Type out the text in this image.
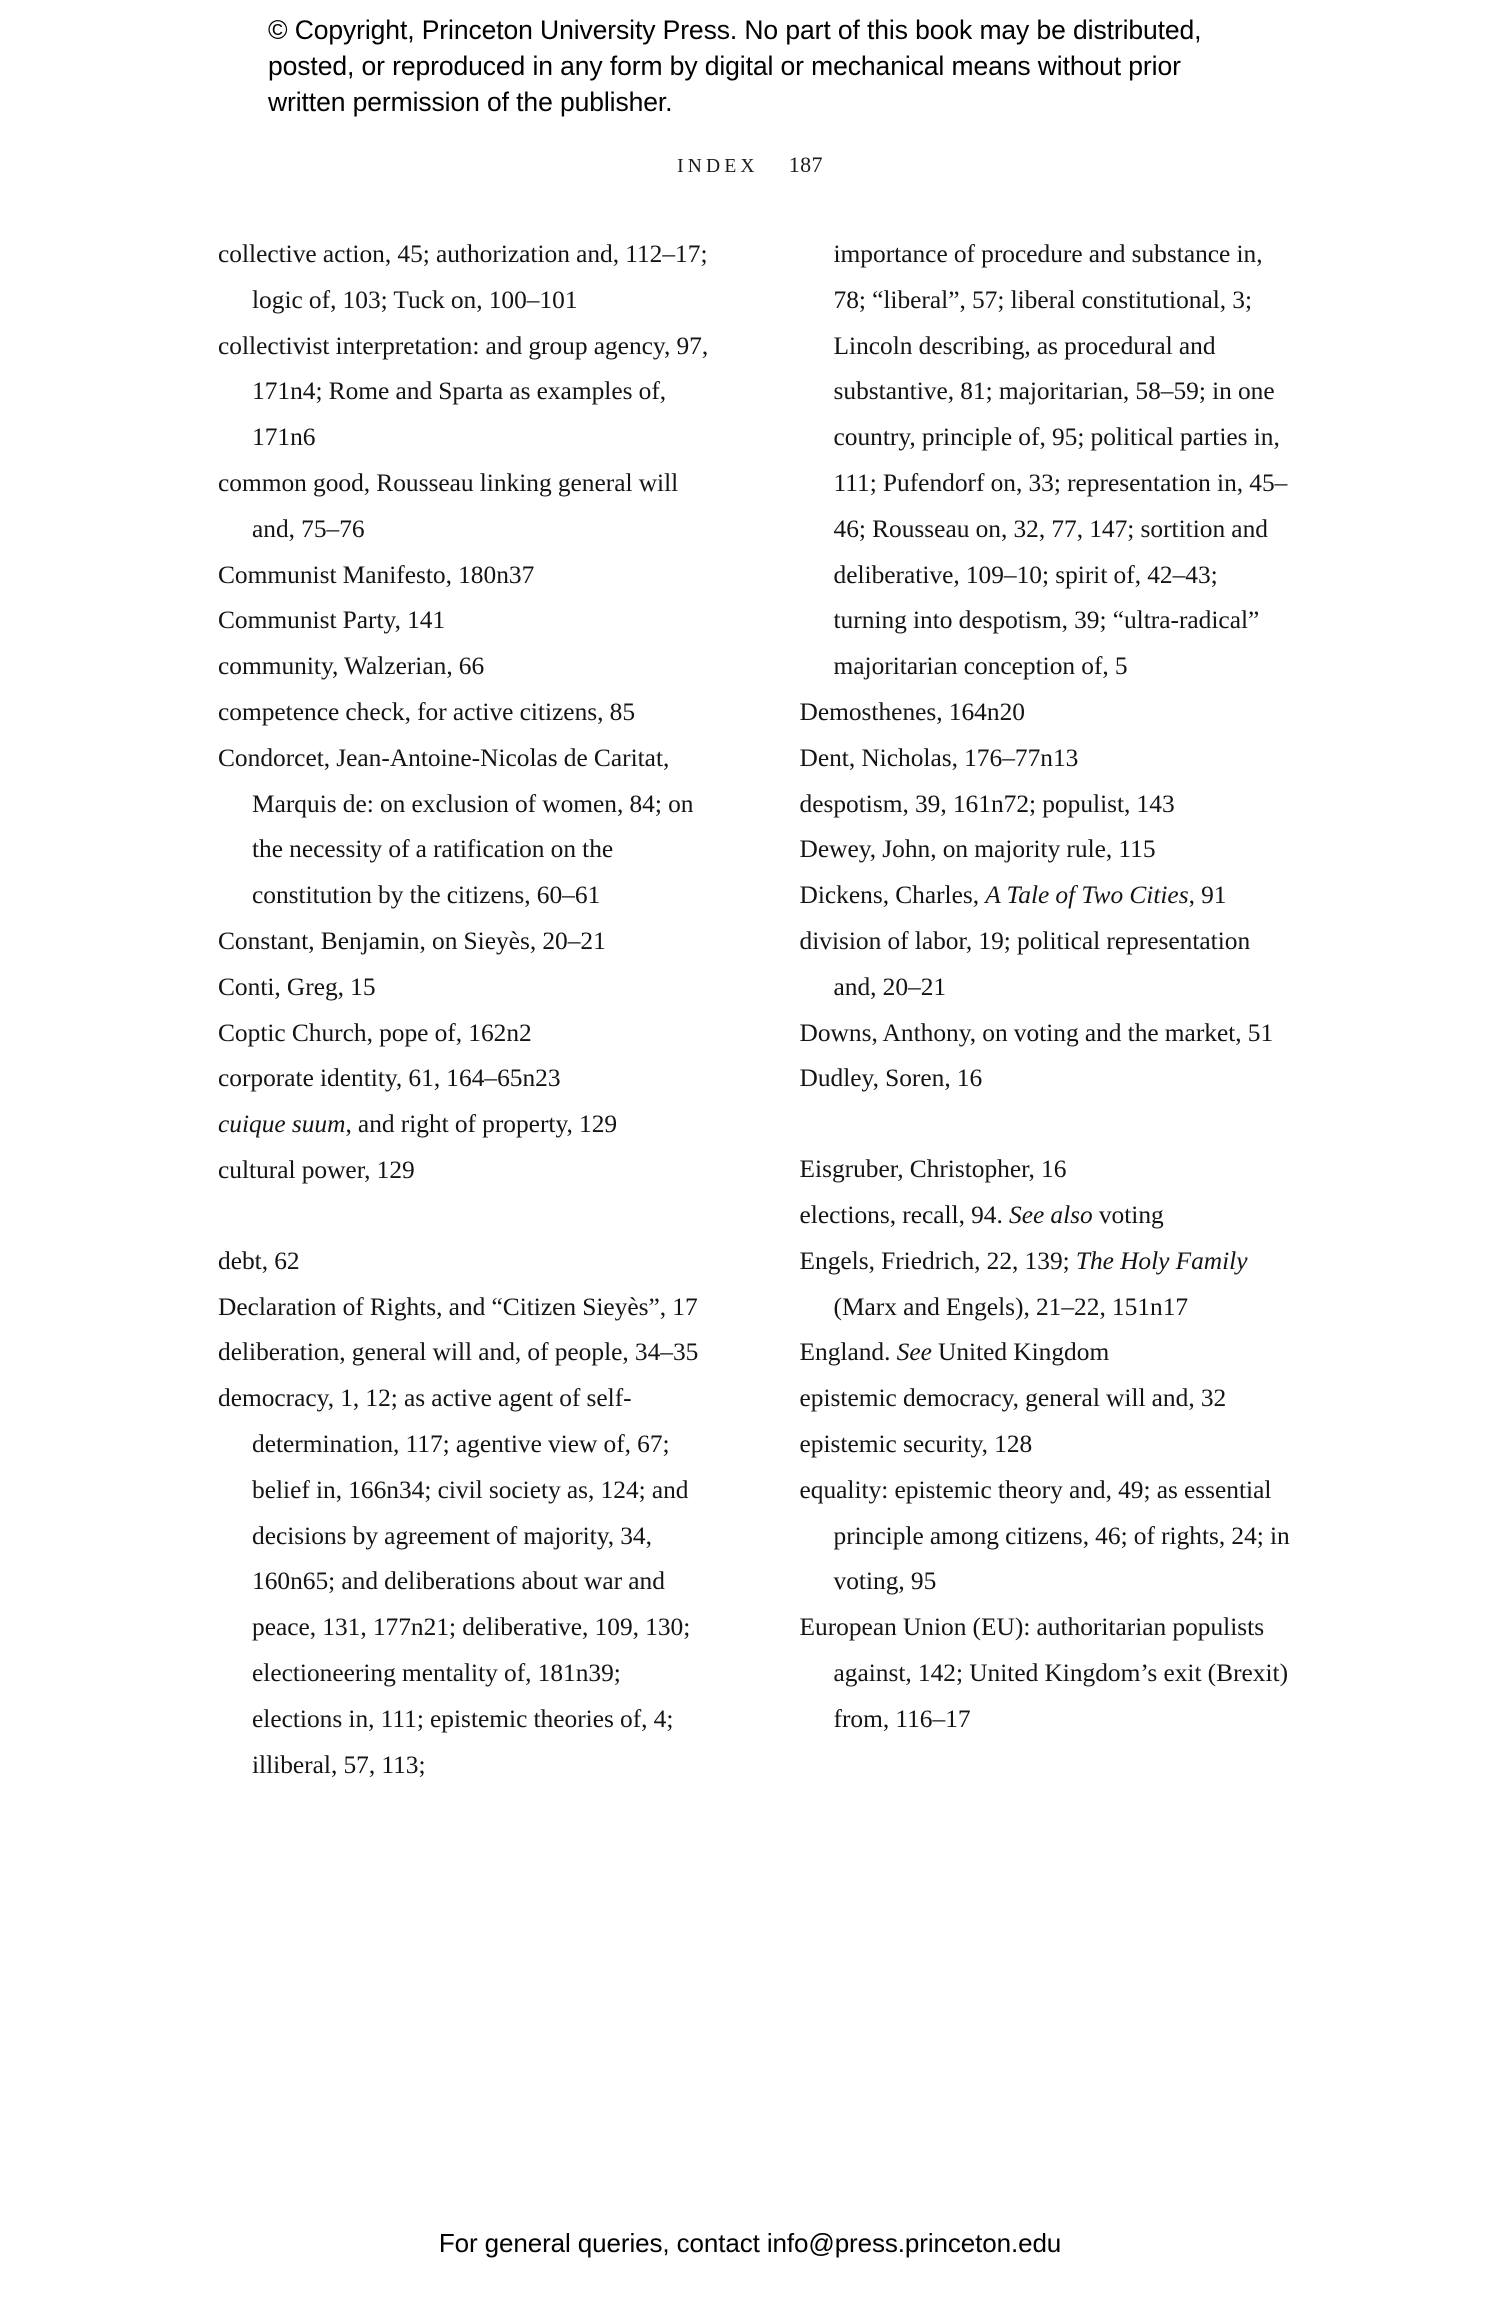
© Copyright, Princeton University Press. No part of this book may be distributed, posted, or reproduced in any form by digital or mechanical means without prior written permission of the publisher.
INDEX 187

collective action, 45; authorization and, 112–17; logic of, 103; Tuck on, 100–101

collectivist interpretation: and group agency, 97, 171n4; Rome and Sparta as examples of, 171n6

common good, Rousseau linking general will and, 75–76

Communist Manifesto, 180n37

Communist Party, 141

community, Walzerian, 66

competence check, for active citizens, 85

Condorcet, Jean-Antoine-Nicolas de Caritat, Marquis de: on exclusion of women, 84; on the necessity of a ratification on the constitution by the citizens, 60–61

Constant, Benjamin, on Sieyès, 20–21

Conti, Greg, 15

Coptic Church, pope of, 162n2

corporate identity, 61, 164–65n23

cuique suum, and right of property, 129

cultural power, 129

debt, 62

Declaration of Rights, and “Citizen Sieyès”, 17

deliberation, general will and, of people, 34–35

democracy, 1, 12; as active agent of self-determination, 117; agentive view of, 67; belief in, 166n34; civil society as, 124; and decisions by agreement of majority, 34, 160n65; and deliberations about war and peace, 131, 177n21; deliberative, 109, 130; electioneering mentality of, 181n39; elections in, 111; epistemic theories of, 4; illiberal, 57, 113;

importance of procedure and substance in, 78; “liberal”, 57; liberal constitutional, 3; Lincoln describing, as procedural and substantive, 81; majoritarian, 58–59; in one country, principle of, 95; political parties in, 111; Pufendorf on, 33; representation in, 45–46; Rousseau on, 32, 77, 147; sortition and deliberative, 109–10; spirit of, 42–43; turning into despotism, 39; “ultra-radical” majoritarian conception of, 5

Demosthenes, 164n20

Dent, Nicholas, 176–77n13

despotism, 39, 161n72; populist, 143

Dewey, John, on majority rule, 115

Dickens, Charles, A Tale of Two Cities, 91

division of labor, 19; political representation and, 20–21

Downs, Anthony, on voting and the market, 51

Dudley, Soren, 16

Eisgruber, Christopher, 16

elections, recall, 94. See also voting

Engels, Friedrich, 22, 139; The Holy Family (Marx and Engels), 21–22, 151n17

England. See United Kingdom

epistemic democracy, general will and, 32

epistemic security, 128

equality: epistemic theory and, 49; as essential principle among citizens, 46; of rights, 24; in voting, 95

European Union (EU): authoritarian populists against, 142; United Kingdom’s exit (Brexit) from, 116–17

For general queries, contact info@press.princeton.edu
